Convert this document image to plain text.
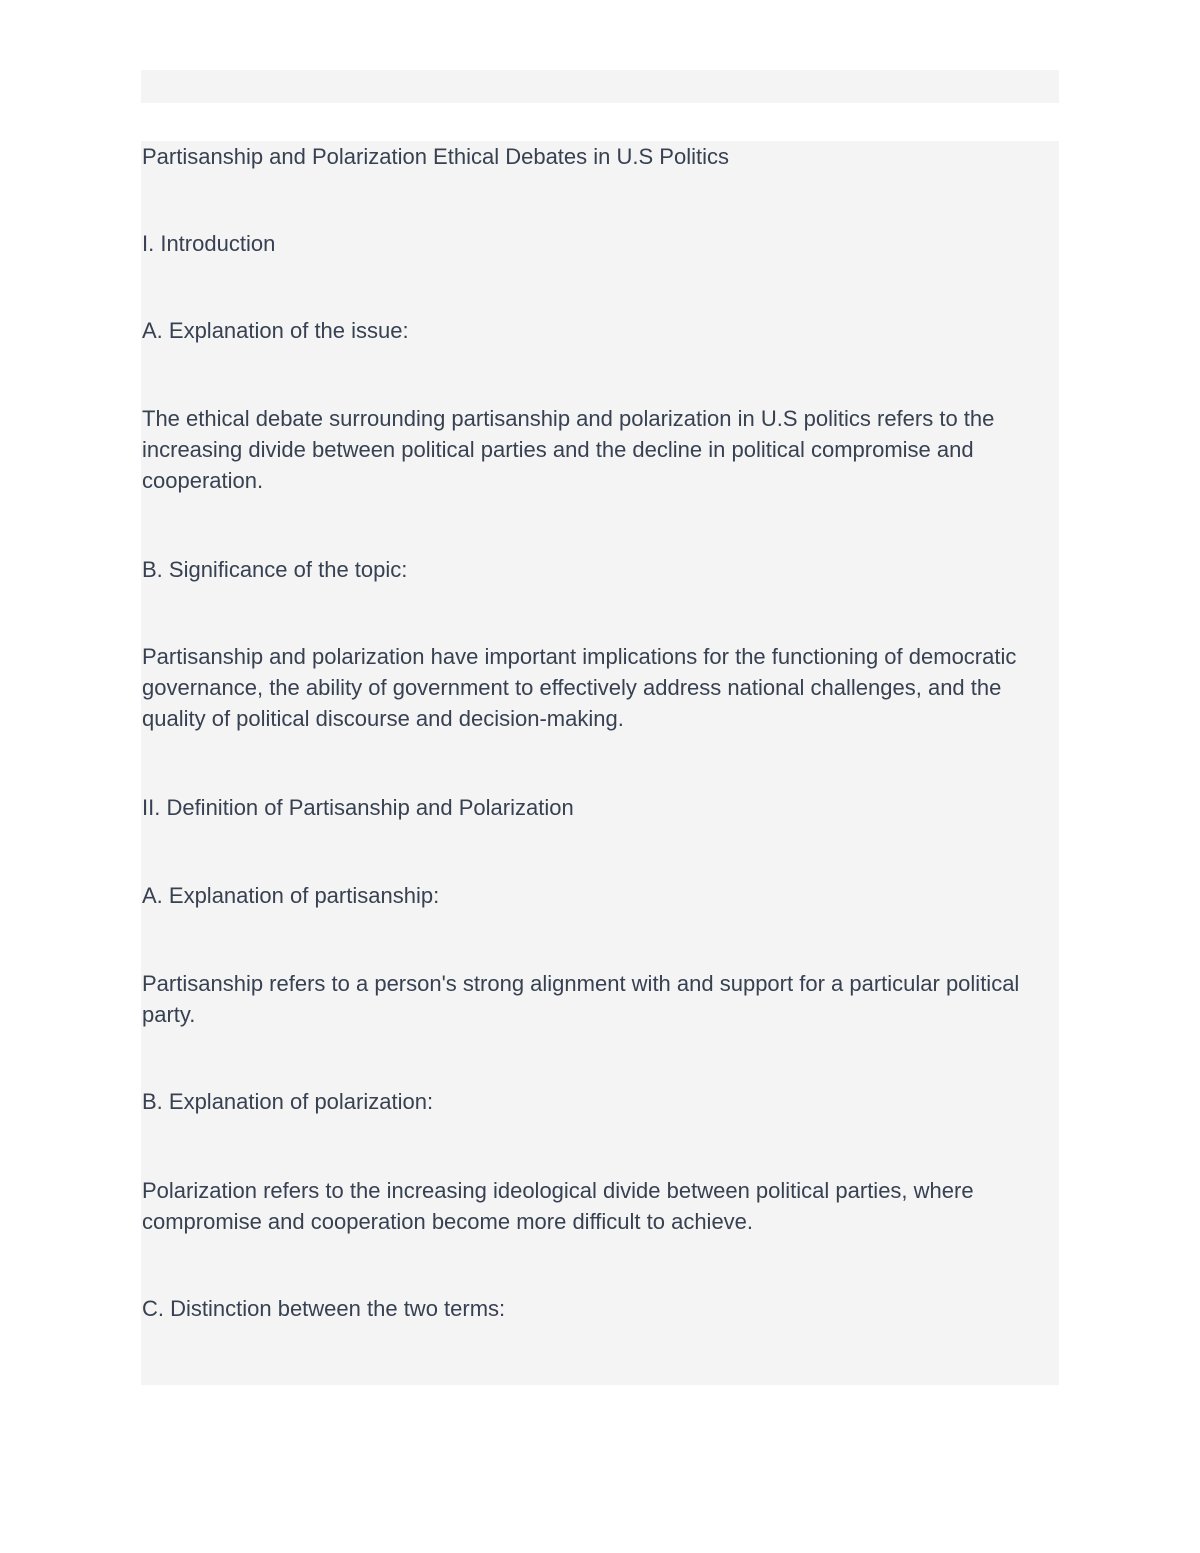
Partisanship and Polarization Ethical Debates in U.S Politics

I. Introduction

A. Explanation of the issue:

The ethical debate surrounding partisanship and polarization in U.S politics refers to the increasing divide between political parties and the decline in political compromise and cooperation.

B. Significance of the topic:

Partisanship and polarization have important implications for the functioning of democratic governance, the ability of government to effectively address national challenges, and the quality of political discourse and decision-making.

II. Definition of Partisanship and Polarization

A. Explanation of partisanship:

Partisanship refers to a person's strong alignment with and support for a particular political party.

B. Explanation of polarization:

Polarization refers to the increasing ideological divide between political parties, where compromise and cooperation become more difficult to achieve.

C. Distinction between the two terms:
